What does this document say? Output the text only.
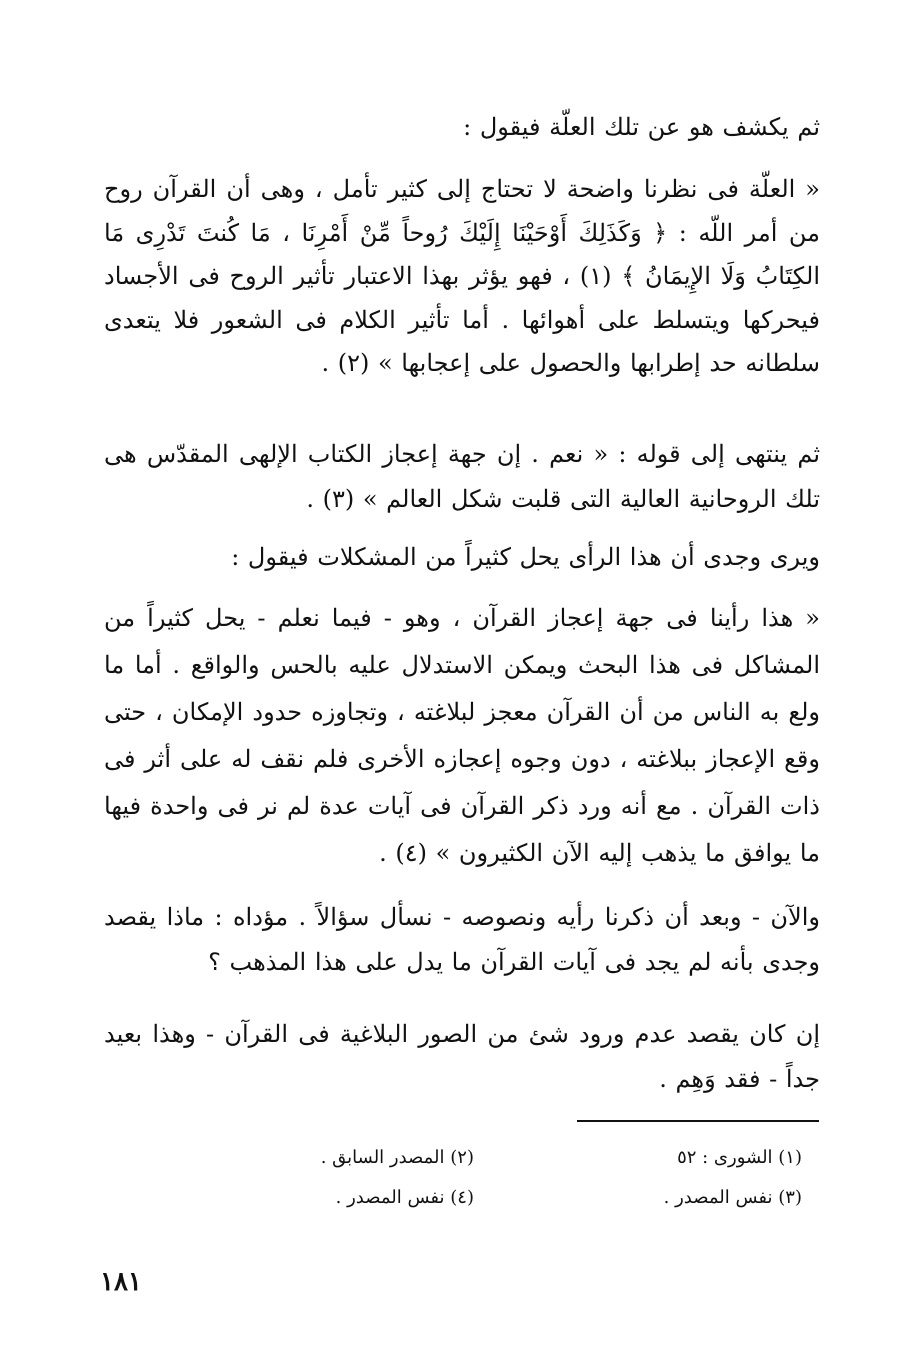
ثم يكشف هو عن تلك العلّة فيقول :

« العلّة فى نظرنا واضحة لا تحتاج إلى كثير تأمل ، وهى أن القرآن روح من أمر اللّه : ﴿ وَكَذَلِكَ أَوْحَيْنَا إِلَيْكَ رُوحاً مِّنْ أَمْرِنَا ، مَا كُنتَ تَدْرِى مَا الكِتَابُ وَلَا الإِيمَانُ ﴾ (١) ، فهو يؤثر بهذا الاعتبار تأثير الروح فى الأجساد فيحركها ويتسلط على أهوائها . أما تأثير الكلام فى الشعور فلا يتعدى سلطانه حد إطرابها والحصول على إعجابها » (٢) .

ثم ينتهى إلى قوله : « نعم . إن جهة إعجاز الكتاب الإلهى المقدّس هى تلك الروحانية العالية التى قلبت شكل العالم » (٣) .

ويرى وجدى أن هذا الرأى يحل كثيراً من المشكلات فيقول :

« هذا رأينا فى جهة إعجاز القرآن ، وهو - فيما نعلم - يحل كثيراً من المشاكل فى هذا البحث ويمكن الاستدلال عليه بالحس والواقع . أما ما ولع به الناس من أن القرآن معجز لبلاغته ، وتجاوزه حدود الإمكان ، حتى وقع الإعجاز ببلاغته ، دون وجوه إعجازه الأخرى فلم نقف له على أثر فى ذات القرآن . مع أنه ورد ذكر القرآن فى آيات عدة لم نر فى واحدة فيها ما يوافق ما يذهب إليه الآن الكثيرون » (٤) .

والآن - وبعد أن ذكرنا رأيه ونصوصه - نسأل سؤالاً . مؤداه : ماذا يقصد وجدى بأنه لم يجد فى آيات القرآن ما يدل على هذا المذهب ؟

إن كان يقصد عدم ورود شئ من الصور البلاغية فى القرآن - وهذا بعيد جداً - فقد وَهِم .

(١) الشورى : ٥٢
(٢) المصدر السابق .
(٣) نفس المصدر .
(٤) نفس المصدر .
١٨١
